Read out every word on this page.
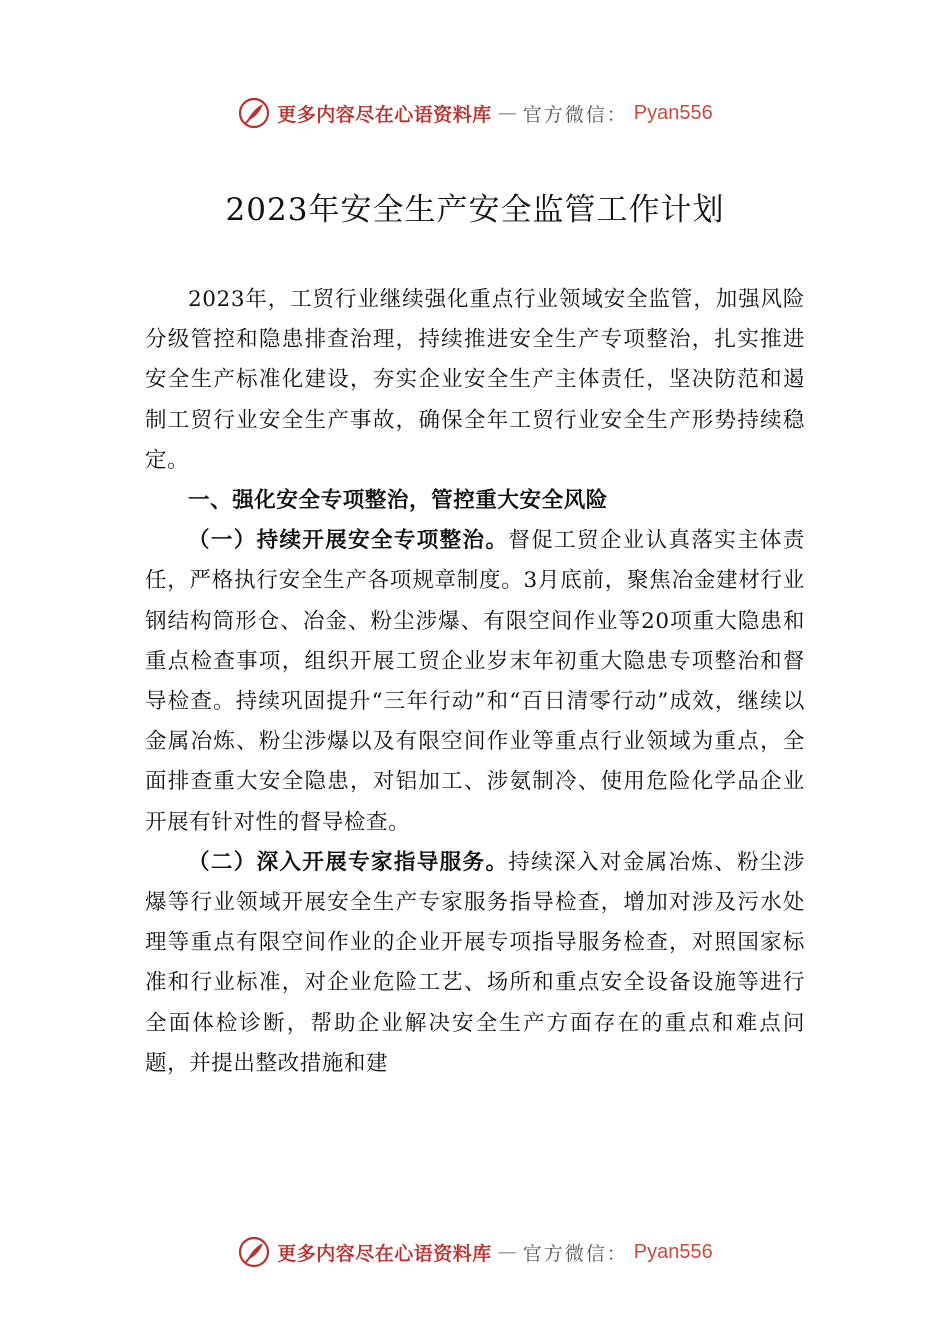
更多内容尽在心语资料库 — 官方微信： Pyan556
2023年安全生产安全监管工作计划

2023年，工贸行业继续强化重点行业领域安全监管，加强风险分级管控和隐患排查治理，持续推进安全生产专项整治，扎实推进安全生产标准化建设，夯实企业安全生产主体责任，坚决防范和遏制工贸行业安全生产事故，确保全年工贸行业安全生产形势持续稳定。

一、强化安全专项整治，管控重大安全风险

（一）持续开展安全专项整治。督促工贸企业认真落实主体责任，严格执行安全生产各项规章制度。3月底前，聚焦冶金建材行业钢结构筒形仓、冶金、粉尘涉爆、有限空间作业等20项重大隐患和重点检查事项，组织开展工贸企业岁末年初重大隐患专项整治和督导检查。持续巩固提升“三年行动”和“百日清零行动”成效，继续以金属冶炼、粉尘涉爆以及有限空间作业等重点行业领域为重点，全面排查重大安全隐患，对铝加工、涉氨制冷、使用危险化学品企业开展有针对性的督导检查。

（二）深入开展专家指导服务。持续深入对金属冶炼、粉尘涉爆等行业领域开展安全生产专家服务指导检查，增加对涉及污水处理等重点有限空间作业的企业开展专项指导服务检查，对照国家标准和行业标准，对企业危险工艺、场所和重点安全设备设施等进行全面体检诊断，帮助企业解决安全生产方面存在的重点和难点问题，并提出整改措施和建

更多内容尽在心语资料库 — 官方微信： Pyan556
